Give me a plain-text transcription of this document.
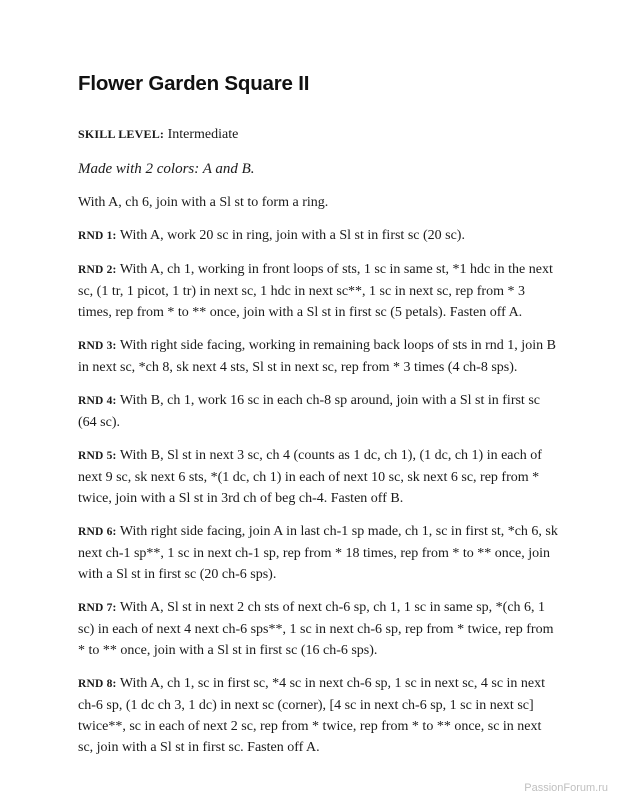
Flower Garden Square II

SKILL LEVEL: Intermediate

Made with 2 colors: A and B.

With A, ch 6, join with a Sl st to form a ring.

RND 1: With A, work 20 sc in ring, join with a Sl st in first sc (20 sc).

RND 2: With A, ch 1, working in front loops of sts, 1 sc in same st, *1 hdc in the next sc, (1 tr, 1 picot, 1 tr) in next sc, 1 hdc in next sc**, 1 sc in next sc, rep from * 3 times, rep from * to ** once, join with a Sl st in first sc (5 petals). Fasten off A.

RND 3: With right side facing, working in remaining back loops of sts in rnd 1, join B in next sc, *ch 8, sk next 4 sts, Sl st in next sc, rep from * 3 times (4 ch-8 sps).

RND 4: With B, ch 1, work 16 sc in each ch-8 sp around, join with a Sl st in first sc (64 sc).

RND 5: With B, Sl st in next 3 sc, ch 4 (counts as 1 dc, ch 1), (1 dc, ch 1) in each of next 9 sc, sk next 6 sts, *(1 dc, ch 1) in each of next 10 sc, sk next 6 sc, rep from * twice, join with a Sl st in 3rd ch of beg ch-4. Fasten off B.

RND 6: With right side facing, join A in last ch-1 sp made, ch 1, sc in first st, *ch 6, sk next ch-1 sp**, 1 sc in next ch-1 sp, rep from * 18 times, rep from * to ** once, join with a Sl st in first sc (20 ch-6 sps).

RND 7: With A, Sl st in next 2 ch sts of next ch-6 sp, ch 1, 1 sc in same sp, *(ch 6, 1 sc) in each of next 4 next ch-6 sps**, 1 sc in next ch-6 sp, rep from * twice, rep from * to ** once, join with a Sl st in first sc (16 ch-6 sps).

RND 8: With A, ch 1, sc in first sc, *4 sc in next ch-6 sp, 1 sc in next sc, 4 sc in next ch-6 sp, (1 dc ch 3, 1 dc) in next sc (corner), [4 sc in next ch-6 sp, 1 sc in next sc] twice**, sc in each of next 2 sc, rep from * twice, rep from * to ** once, sc in next sc, join with a Sl st in first sc. Fasten off A.

PassionForum.ru
